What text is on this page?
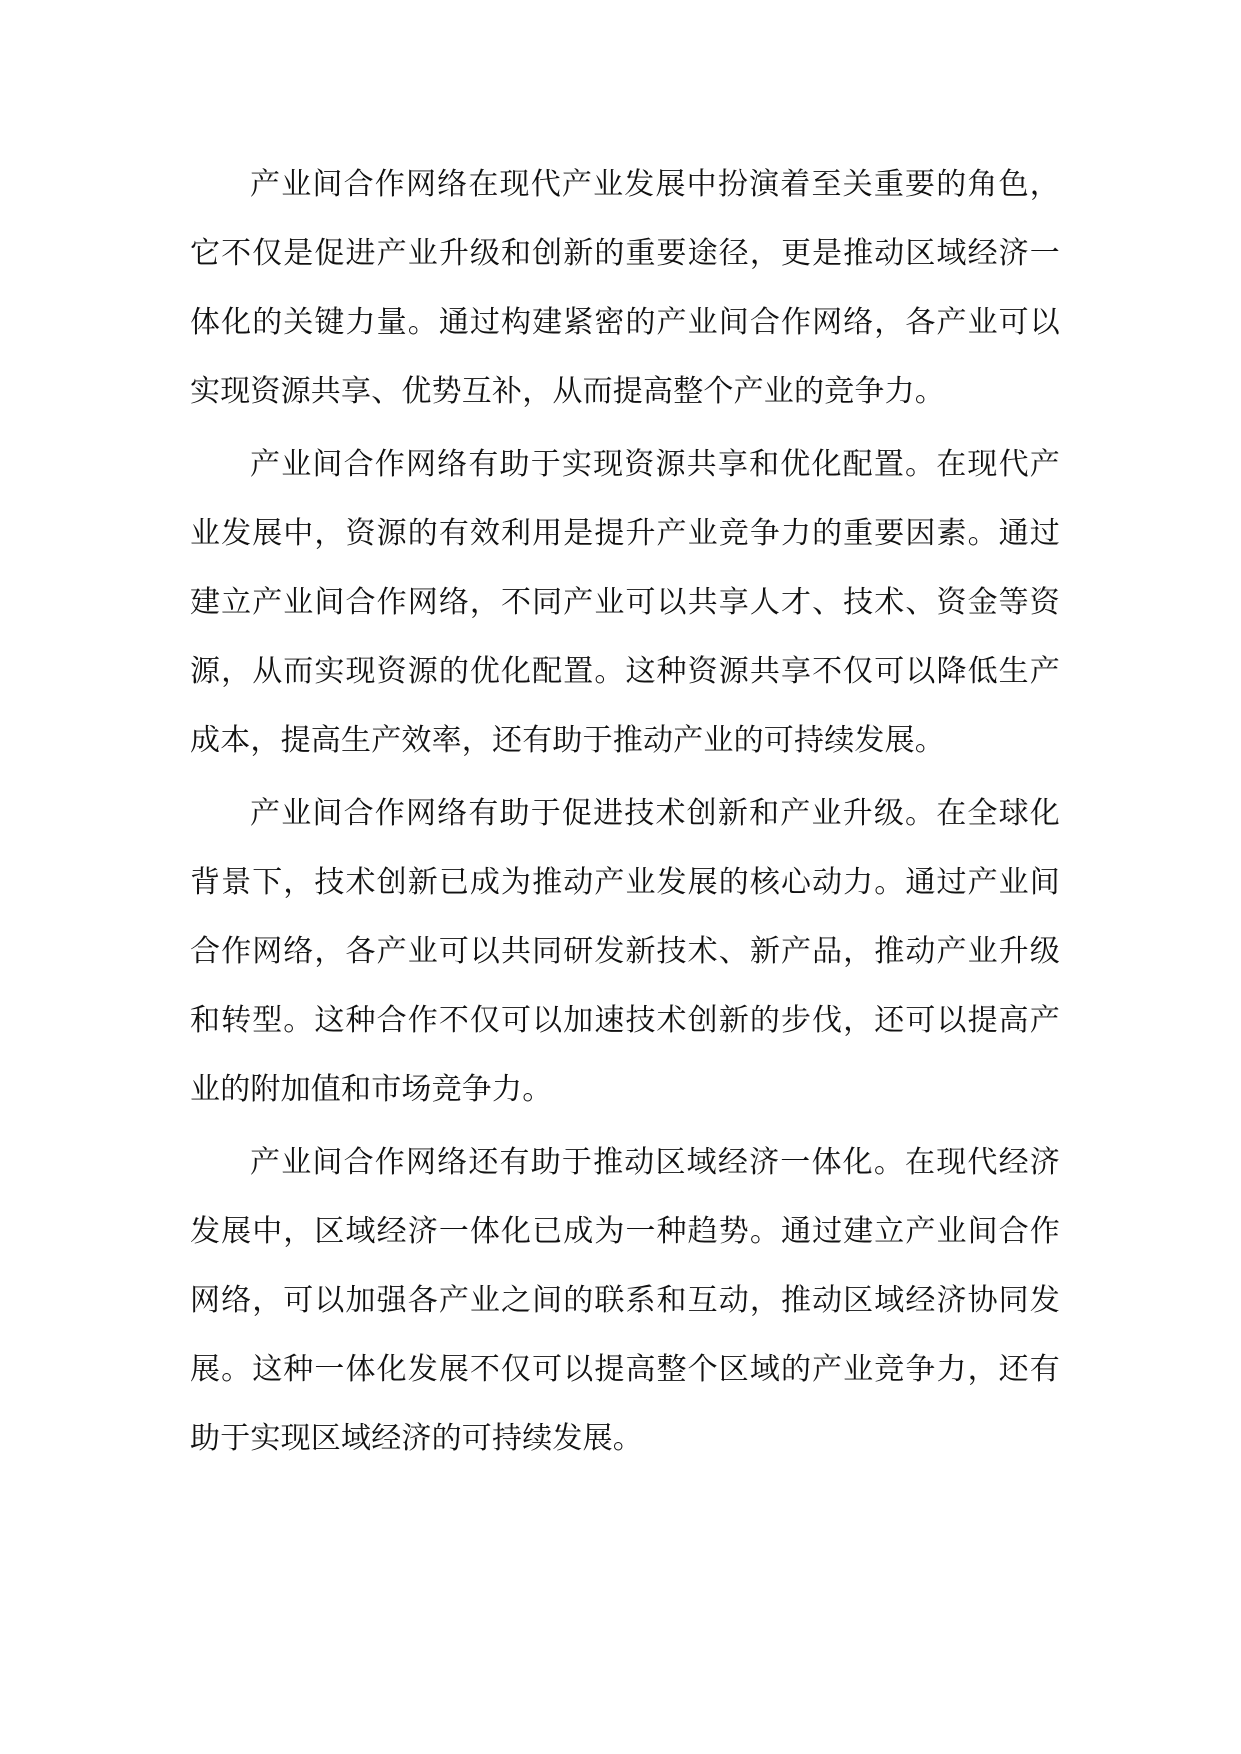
产业间合作网络在现代产业发展中扮演着至关重要的角色，它不仅是促进产业升级和创新的重要途径，更是推动区域经济一体化的关键力量。通过构建紧密的产业间合作网络，各产业可以实现资源共享、优势互补，从而提高整个产业的竞争力。

产业间合作网络有助于实现资源共享和优化配置。在现代产业发展中，资源的有效利用是提升产业竞争力的重要因素。通过建立产业间合作网络，不同产业可以共享人才、技术、资金等资源，从而实现资源的优化配置。这种资源共享不仅可以降低生产成本，提高生产效率，还有助于推动产业的可持续发展。

产业间合作网络有助于促进技术创新和产业升级。在全球化背景下，技术创新已成为推动产业发展的核心动力。通过产业间合作网络，各产业可以共同研发新技术、新产品，推动产业升级和转型。这种合作不仅可以加速技术创新的步伐，还可以提高产业的附加值和市场竞争力。

产业间合作网络还有助于推动区域经济一体化。在现代经济发展中，区域经济一体化已成为一种趋势。通过建立产业间合作网络，可以加强各产业之间的联系和互动，推动区域经济协同发展。这种一体化发展不仅可以提高整个区域的产业竞争力，还有助于实现区域经济的可持续发展。
